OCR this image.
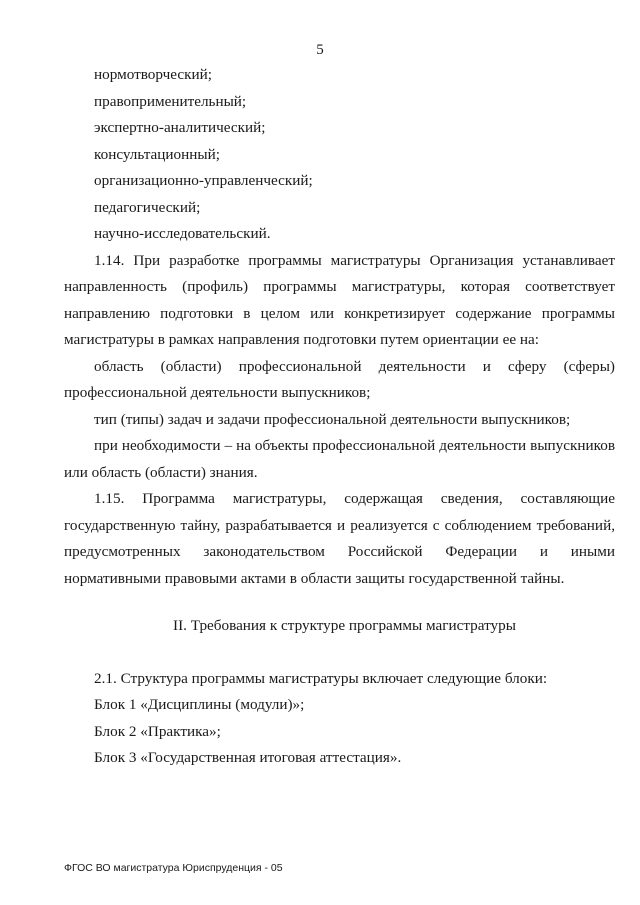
5

нормотворческий;

правоприменительный;

экспертно-аналитический;

консультационный;

организационно-управленческий;

педагогический;

научно-исследовательский.

1.14. При разработке программы магистратуры Организация устанавливает направленность (профиль) программы магистратуры, которая соответствует направлению подготовки в целом или конкретизирует содержание программы магистратуры в рамках направления подготовки путем ориентации ее на:

область (области) профессиональной деятельности и сферу (сферы) профессиональной деятельности выпускников;

тип (типы) задач и задачи профессиональной деятельности выпускников;

при необходимости – на объекты профессиональной деятельности выпускников или область (области) знания.

1.15. Программа магистратуры, содержащая сведения, составляющие государственную тайну, разрабатывается и реализуется с соблюдением требований, предусмотренных законодательством Российской Федерации и иными нормативными правовыми актами в области защиты государственной тайны.

II. Требования к структуре программы магистратуры

2.1. Структура программы магистратуры включает следующие блоки:

Блок 1 «Дисциплины (модули)»;

Блок 2 «Практика»;

Блок 3 «Государственная итоговая аттестация».

ФГОС ВО магистратура Юриспруденция - 05
